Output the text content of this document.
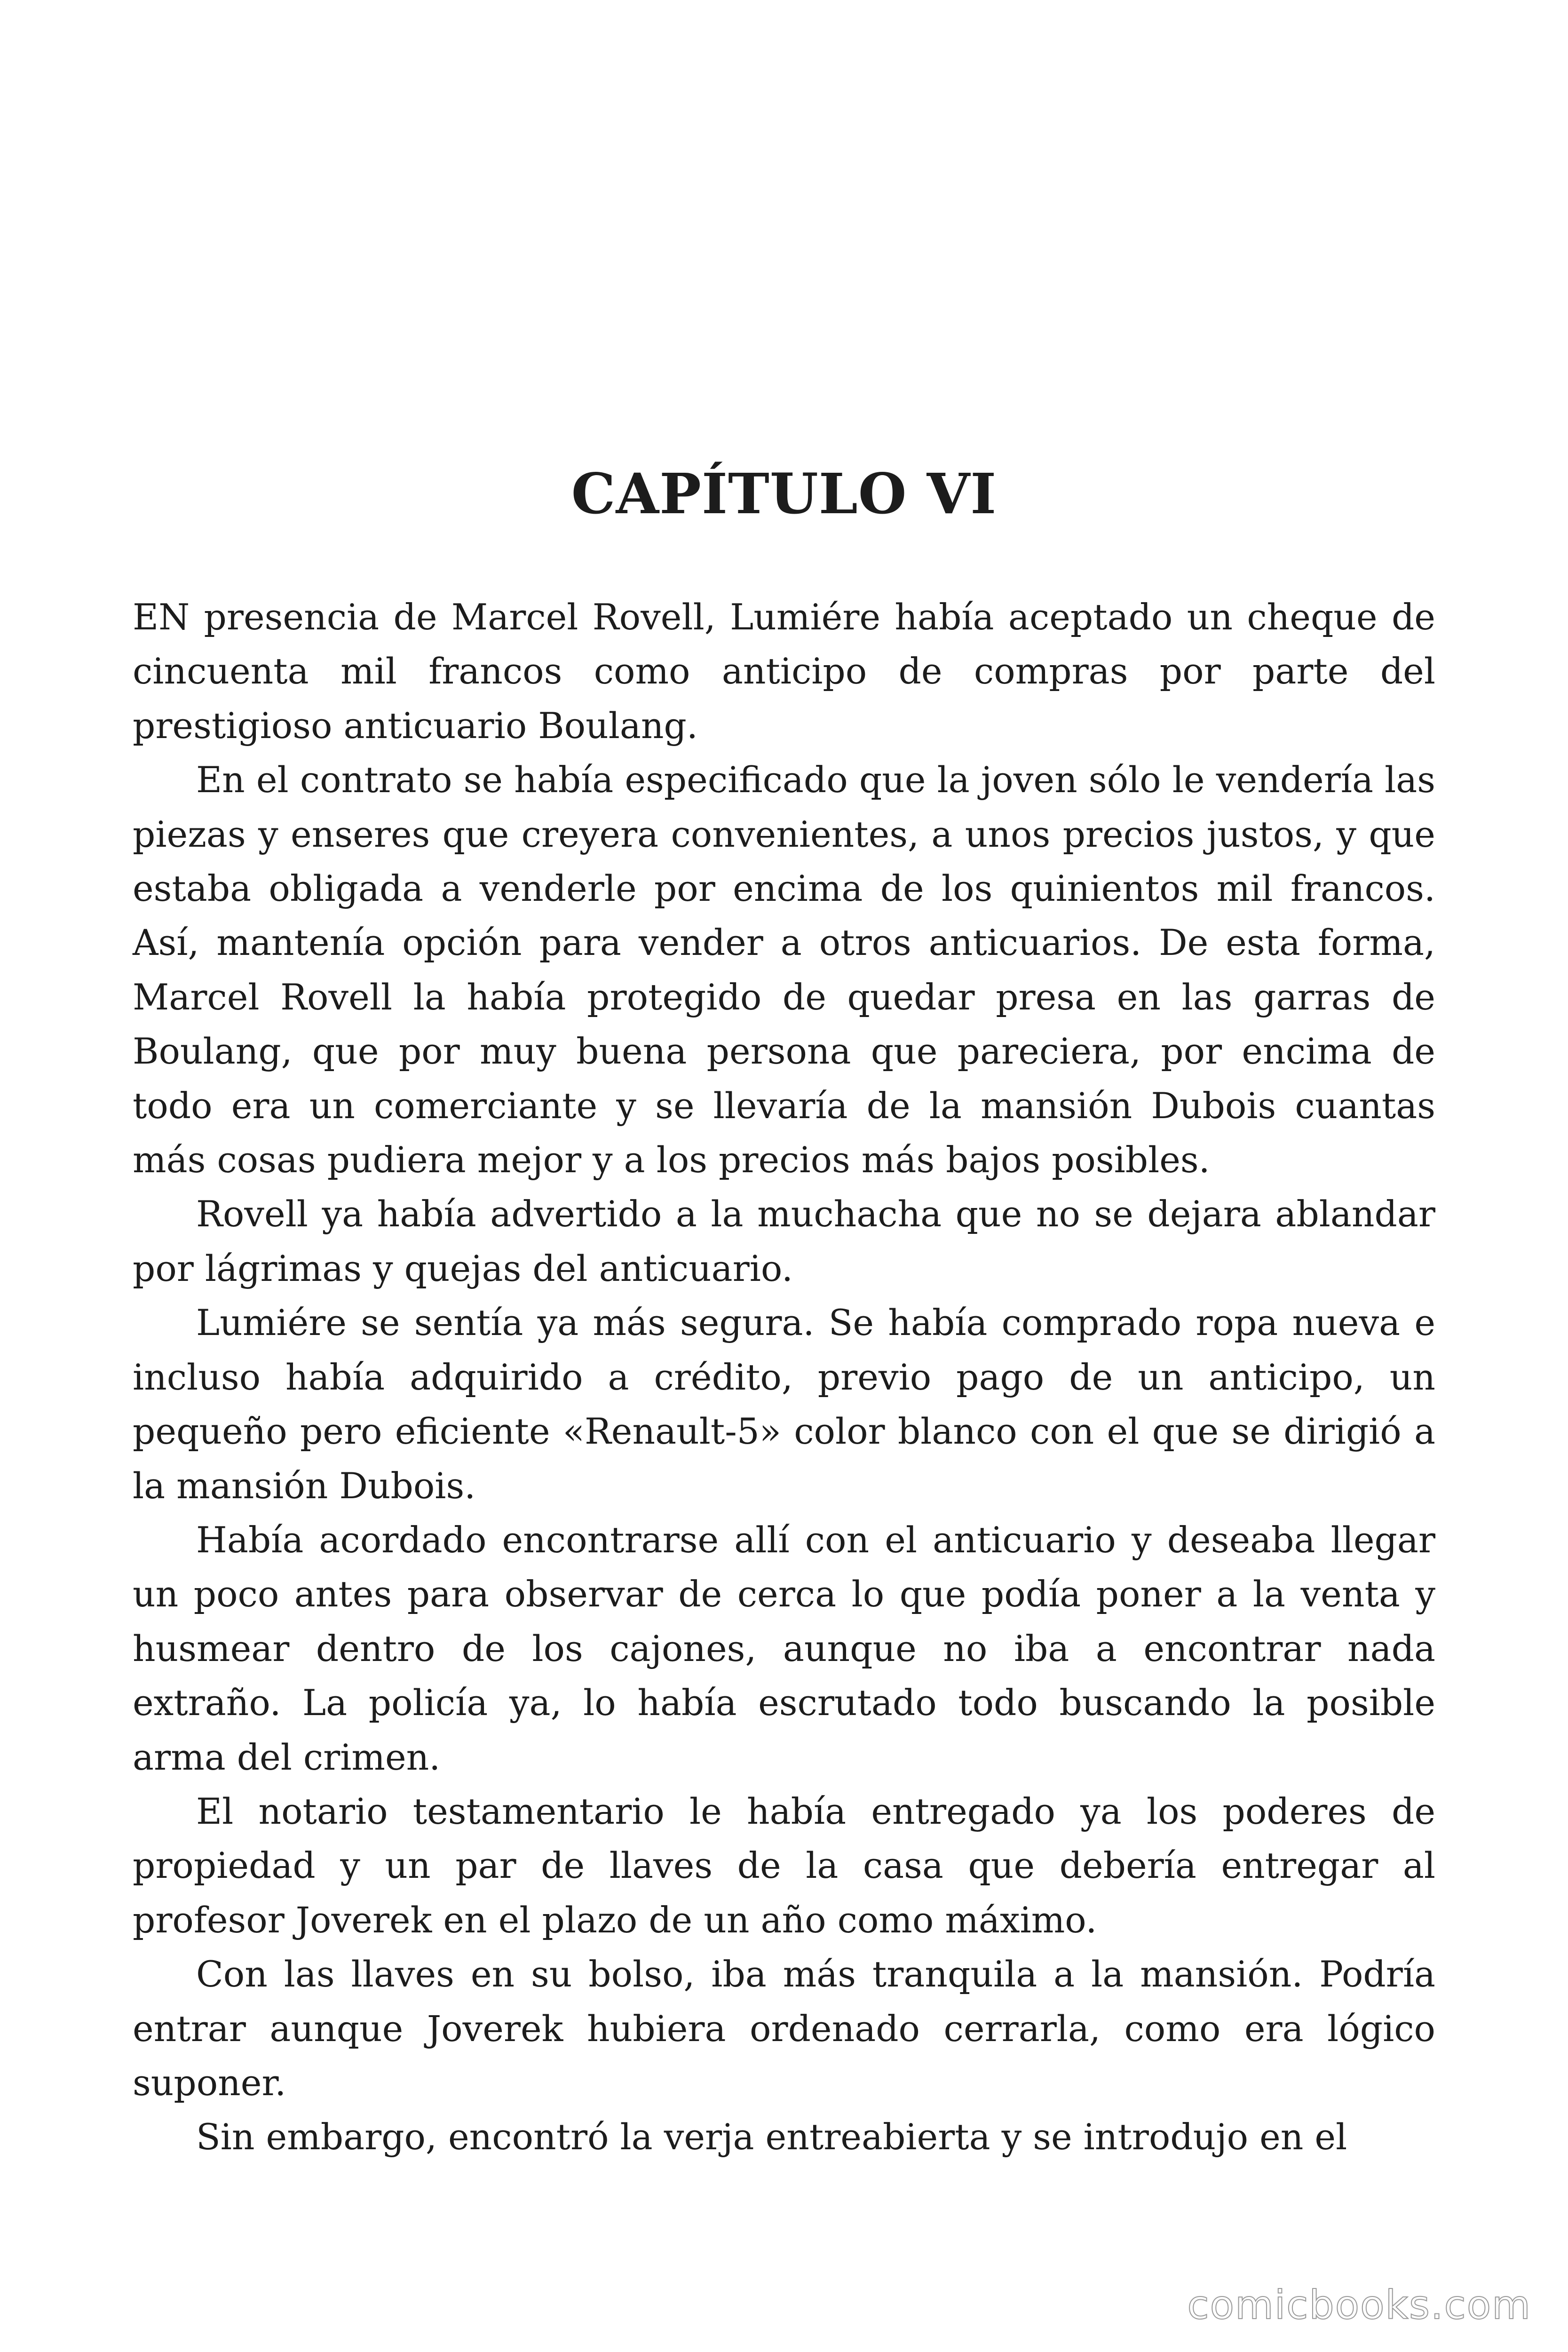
CAPÍTULO VI

EN presencia de Marcel Rovell, Lumiére había aceptado un cheque de cincuenta mil francos como anticipo de compras por parte del prestigioso anticuario Boulang.

En el contrato se había especificado que la joven sólo le vendería las piezas y enseres que creyera convenientes, a unos precios justos, y que estaba obligada a venderle por encima de los quinientos mil francos. Así, mantenía opción para vender a otros anticuarios. De esta forma, Marcel Rovell la había protegido de quedar presa en las garras de Boulang, que por muy buena persona que pareciera, por encima de todo era un comerciante y se llevaría de la mansión Dubois cuantas más cosas pudiera mejor y a los precios más bajos posibles.

Rovell ya había advertido a la muchacha que no se dejara ablandar por lágrimas y quejas del anticuario.

Lumiére se sentía ya más segura. Se había comprado ropa nueva e incluso había adquirido a crédito, previo pago de un anticipo, un pequeño pero eficiente «Renault-5» color blanco con el que se dirigió a la mansión Dubois.

Había acordado encontrarse allí con el anticuario y deseaba llegar un poco antes para observar de cerca lo que podía poner a la venta y husmear dentro de los cajones, aunque no iba a encontrar nada extraño. La policía ya, lo había escrutado todo buscando la posible arma del crimen.

El notario testamentario le había entregado ya los poderes de propiedad y un par de llaves de la casa que debería entregar al profesor Joverek en el plazo de un año como máximo.

Con las llaves en su bolso, iba más tranquila a la mansión. Podría entrar aunque Joverek hubiera ordenado cerrarla, como era lógico suponer.

Sin embargo, encontró la verja entreabierta y se introdujo en el

comicbooks.com
